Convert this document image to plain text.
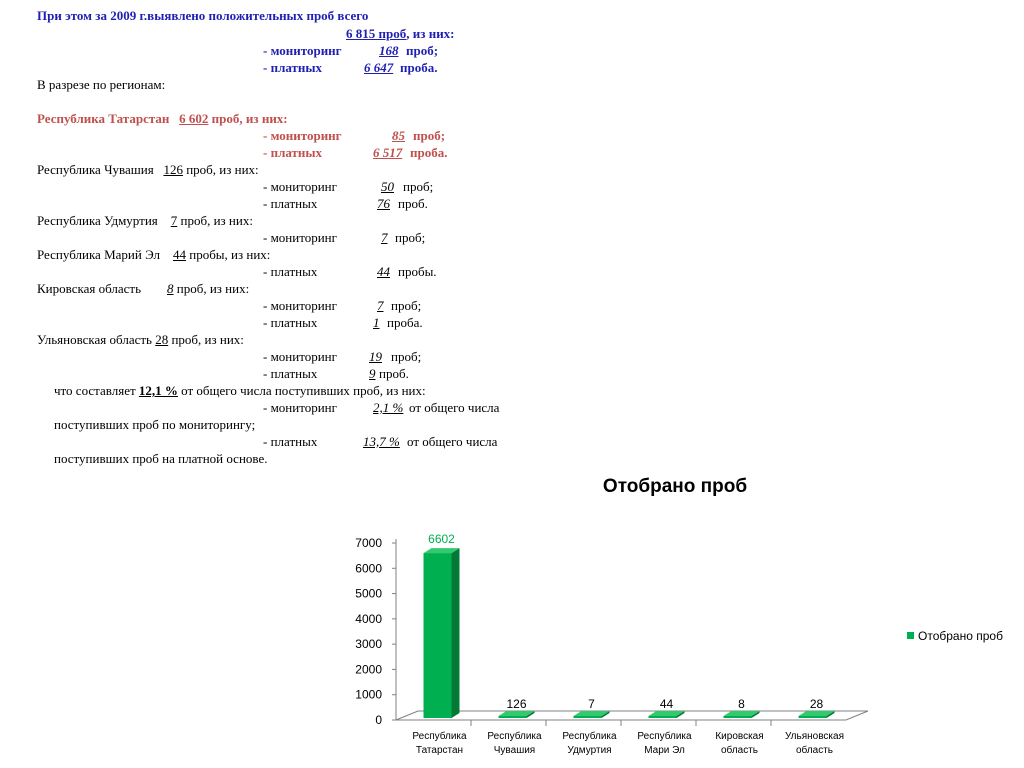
При этом за 2009 г.выявлено положительных проб всего
6 815 проб, из них:
- мониторинг	168 проб;
- платных	6 647 проба.
В разрезе по регионам:
Республика Татарстан 6 602 проб, из них:
- мониторинг	85 проб;
- платных	6 517 проба.
Республика Чувашия 126 проб, из них:
- мониторинг	50 проб;
- платных	76 проб.
Республика Удмуртия 7 проб, из них:
- мониторинг	7 проб;
Республика Марий Эл 44 пробы, из них:
- платных	44 пробы.
Кировская область 8 проб, из них:
- мониторинг	7 проб;
- платных	1 проба.
Ульяновская область 28 проб, из них:
- мониторинг 19 проб;
- платных	9 проб.
что составляет 12,1 % от общего числа поступивших проб, из них:
- мониторинг	2,1 % от общего числа
поступивших проб по мониторингу;
- платных	13,7 % от общего числа
поступивших проб на платной основе.
Отобрано проб
0
1000
2000
3000
4000
5000
6000
7000	6602
Республика
Татарстан
126
Республика
Чувашия
7
Республика
Удмуртия
44
Республика
Мари Эл
8
Кировская
область
28
Ульяновская
область
Отобрано проб
